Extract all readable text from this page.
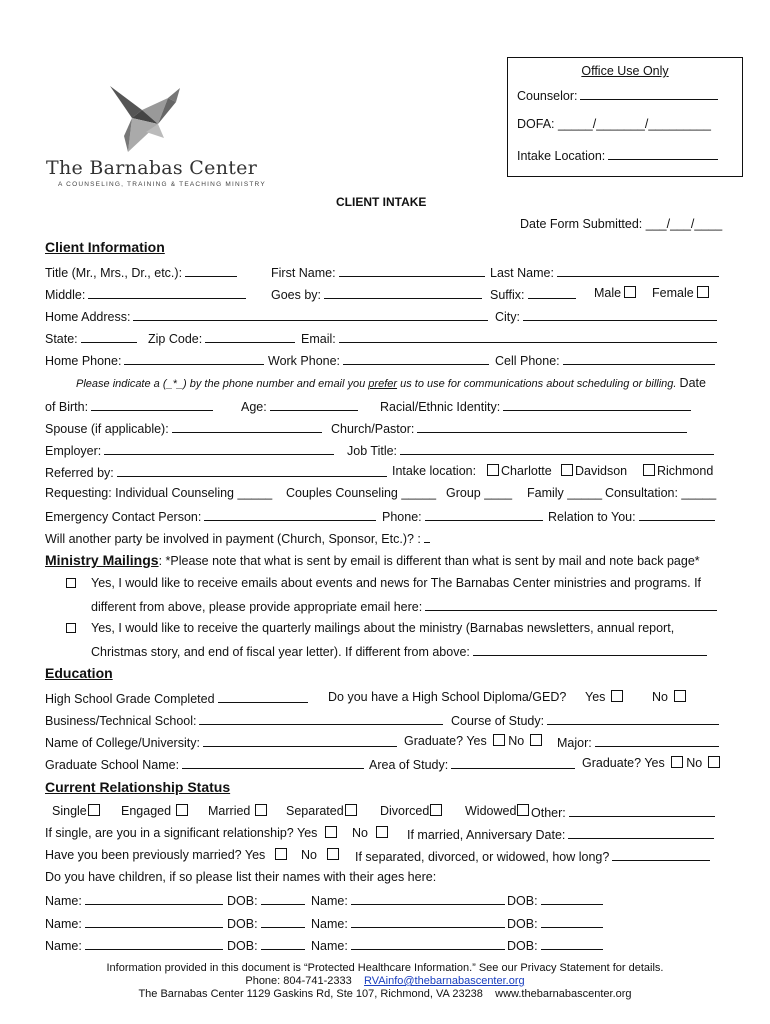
Office Use Only
Counselor:
DOFA: _____/_______/_________
Intake Location:
The Barnabas Center
A COUNSELING, TRAINING & TEACHING MINISTRY
CLIENT INTAKE
Date Form Submitted: ___/___/____
Client Information
Title (Mr., Mrs., Dr., etc.):	First Name:	Last Name:
Middle:	Goes by:	Suffix:	Male	Female
Home Address:	City:
State:	Zip Code:	Email:
Home Phone:	Work Phone:	Cell Phone:
Please indicate a (_*_) by the phone number and email you prefer us to use for communications about scheduling or billing. Date
of Birth:	Age:	Racial/Ethnic Identity:
Spouse (if applicable):	Church/Pastor:
Employer:	Job Title:
Referred by:	Intake location:	Charlotte	Davidson	Richmond
Requesting: Individual Counseling _____ Couples Counseling _____ Group ____ Family _____ Consultation: _____
Emergency Contact Person:	Phone:	Relation to You:
Will another party be involved in payment (Church, Sponsor, Etc.)? :
Ministry Mailings: *Please note that what is sent by email is different than what is sent by mail and note back page*
Yes, I would like to receive emails about events and news for The Barnabas Center ministries and programs. If
different from above, please provide appropriate email here:
Yes, I would like to receive the quarterly mailings about the ministry (Barnabas newsletters, annual report,
Christmas story, and end of fiscal year letter). If different from above:
Education
High School Grade Completed	Do you have a High School Diploma/GED? Yes	No
Business/Technical School:	Course of Study:
Name of College/University:	Graduate? Yes No	Major:
Graduate School Name:	Area of Study:	Graduate? Yes No
Current Relationship Status
Single	Engaged	Married	Separated	Divorced	Widowed	Other:
If single, are you in a significant relationship? Yes	No	If married, Anniversary Date:
Have you been previously married? Yes	No	If separated, divorced, or widowed, how long?
Do you have children, if so please list their names with their ages here:
Name:	DOB:	Name:	DOB:
Name:	DOB:	Name:	DOB:
Name:	DOB:	Name:	DOB:
Information provided in this document is “Protected Healthcare Information.” See our Privacy Statement for details.
Phone: 804-741-2333 RVAinfo@thebarnabascenter.org
The Barnabas Center 1129 Gaskins Rd, Ste 107, Richmond, VA 23238 www.thebarnabascenter.org
